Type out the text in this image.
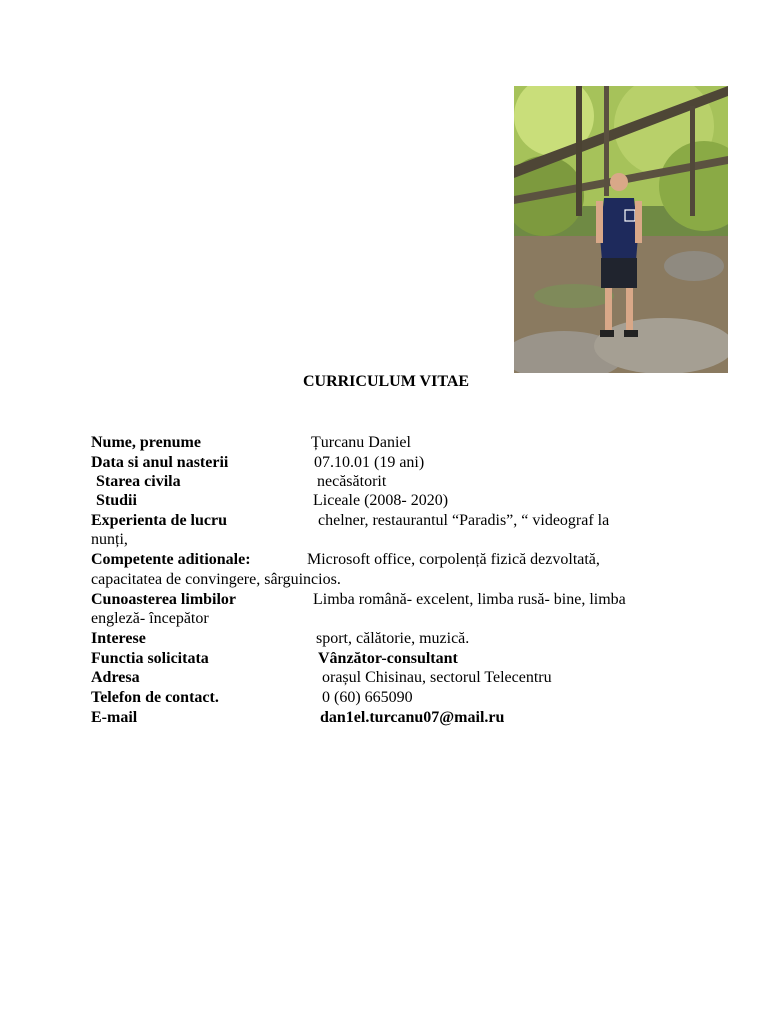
CURRICULUM VITAE
Nume, prenume	Țurcanu Daniel
Data si anul nasterii	07.10.01 (19 ani)
Starea civila	necăsătorit
Studii	Liceale (2008- 2020)
Experienta de lucru	chelner, restaurantul “Paradis”, “ videograf la
nunți,
Competente aditionale:	Microsoft office, corpolență fizică dezvoltată,
capacitatea de convingere, sârguincios.
Cunoasterea limbilor	Limba română- excelent, limba rusă- bine, limba
engleză- începător
Interese	sport, călătorie, muzică.
Functia solicitata	Vânzător-consultant
Adresa	orașul Chisinau, sectorul Telecentru
Telefon de contact.	0 (60) 665090
E-mail	dan1el.turcanu07@mail.ru
